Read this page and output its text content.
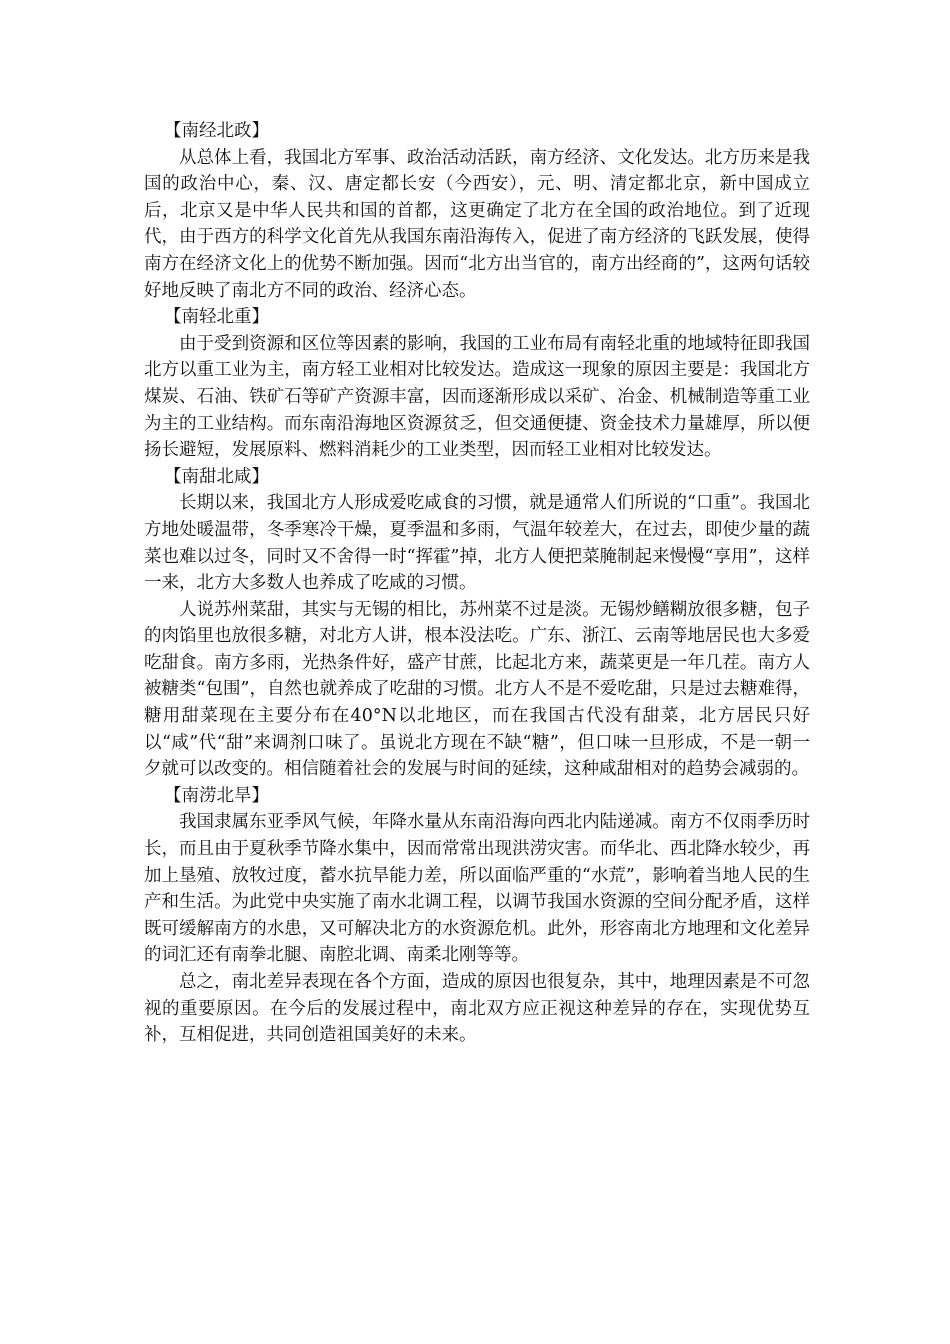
【南经北政】

从总体上看，我国北方军事、政治活动活跃，南方经济、文化发达。北方历来是我国的政治中心，秦、汉、唐定都长安（今西安），元、明、清定都北京，新中国成立后，北京又是中华人民共和国的首都，这更确定了北方在全国的政治地位。到了近现代，由于西方的科学文化首先从我国东南沿海传入，促进了南方经济的飞跃发展，使得南方在经济文化上的优势不断加强。因而“北方出当官的，南方出经商的”，这两句话较好地反映了南北方不同的政治、经济心态。

【南轻北重】

由于受到资源和区位等因素的影响，我国的工业布局有南轻北重的地域特征即我国北方以重工业为主，南方轻工业相对比较发达。造成这一现象的原因主要是：我国北方煤炭、石油、铁矿石等矿产资源丰富，因而逐渐形成以采矿、冶金、机械制造等重工业为主的工业结构。而东南沿海地区资源贫乏，但交通便捷、资金技术力量雄厚，所以便扬长避短，发展原料、燃料消耗少的工业类型，因而轻工业相对比较发达。

【南甜北咸】

长期以来，我国北方人形成爱吃咸食的习惯，就是通常人们所说的“口重”。我国北方地处暖温带，冬季寒冷干燥，夏季温和多雨，气温年较差大，在过去，即使少量的蔬菜也难以过冬，同时又不舍得一时“挥霍”掉，北方人便把菜腌制起来慢慢“享用”，这样一来，北方大多数人也养成了吃咸的习惯。

人说苏州菜甜，其实与无锡的相比，苏州菜不过是淡。无锡炒鳝糊放很多糖，包子的肉馅里也放很多糖，对北方人讲，根本没法吃。广东、浙江、云南等地居民也大多爱吃甜食。南方多雨，光热条件好，盛产甘蔗，比起北方来，蔬菜更是一年几茬。南方人被糖类“包围”，自然也就养成了吃甜的习惯。北方人不是不爱吃甜，只是过去糖难得，糖用甜菜现在主要分布在40°N以北地区，而在我国古代没有甜菜，北方居民只好以“咸”代“甜”来调剂口味了。虽说北方现在不缺“糖”，但口味一旦形成，不是一朝一夕就可以改变的。相信随着社会的发展与时间的延续，这种咸甜相对的趋势会减弱的。

【南涝北旱】

我国隶属东亚季风气候，年降水量从东南沿海向西北内陆递减。南方不仅雨季历时长，而且由于夏秋季节降水集中，因而常常出现洪涝灾害。而华北、西北降水较少，再加上垦殖、放牧过度，蓄水抗旱能力差，所以面临严重的“水荒”，影响着当地人民的生产和生活。为此党中央实施了南水北调工程，以调节我国水资源的空间分配矛盾，这样既可缓解南方的水患，又可解决北方的水资源危机。此外，形容南北方地理和文化差异的词汇还有南拳北腿、南腔北调、南柔北刚等等。

总之，南北差异表现在各个方面，造成的原因也很复杂，其中，地理因素是不可忽视的重要原因。在今后的发展过程中，南北双方应正视这种差异的存在，实现优势互补，互相促进，共同创造祖国美好的未来。
